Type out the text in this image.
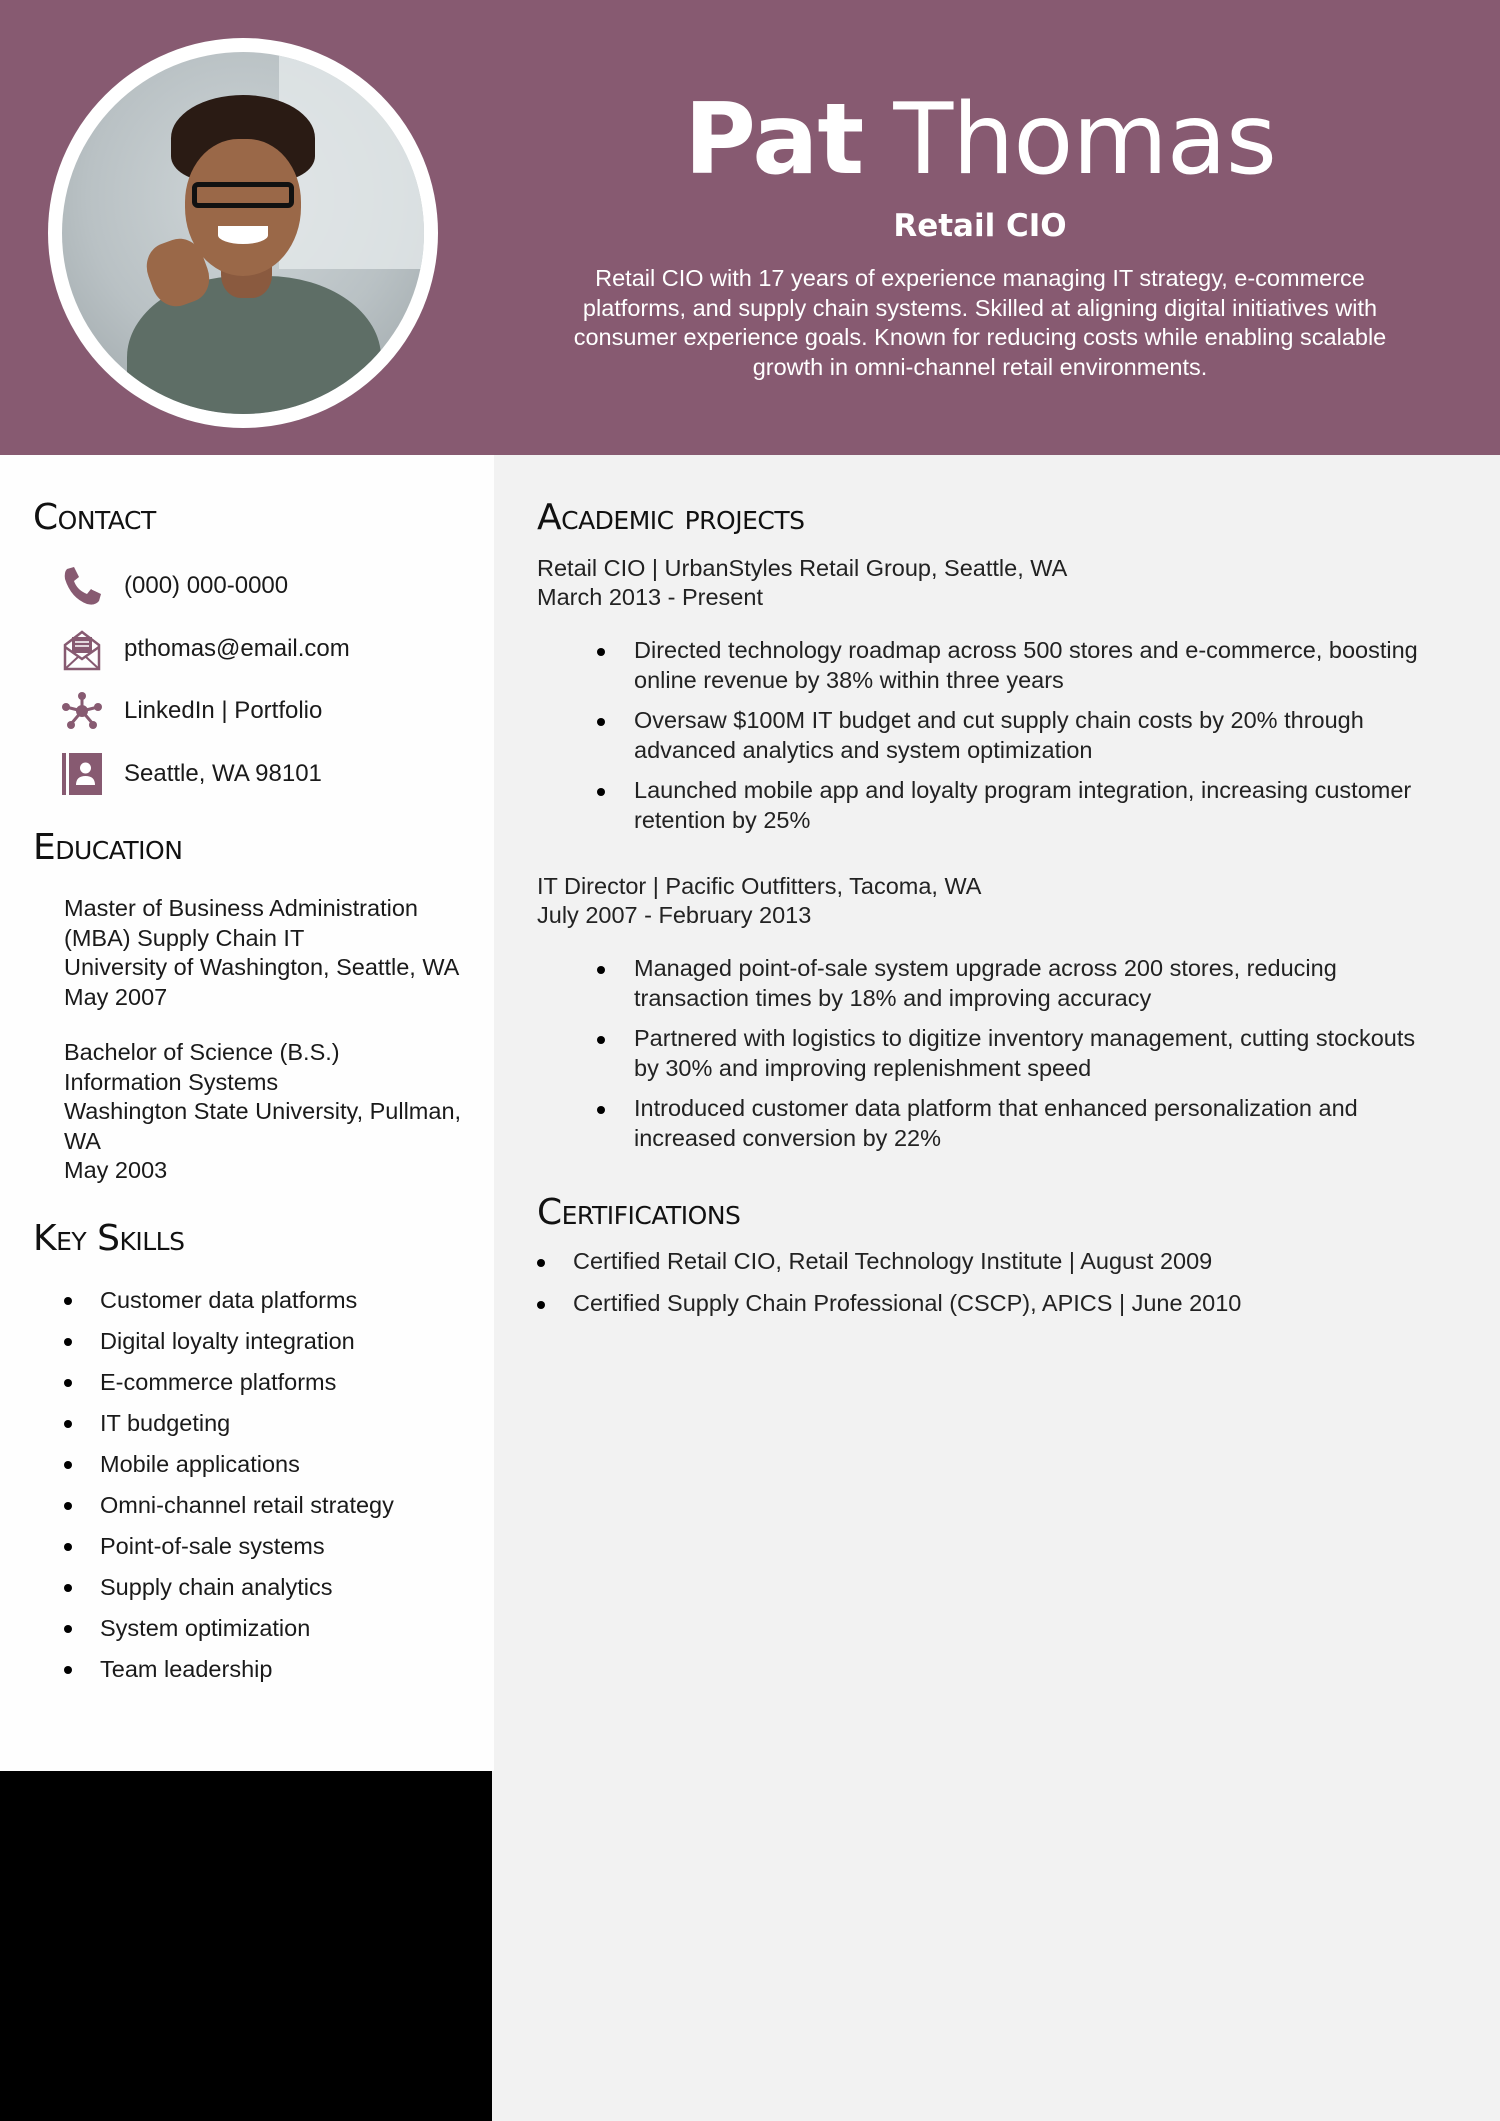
Pat Thomas
Retail CIO
Retail CIO with 17 years of experience managing IT strategy, e-commerce platforms, and supply chain systems. Skilled at aligning digital initiatives with consumer experience goals. Known for reducing costs while enabling scalable growth in omni-channel retail environments.
Contact
(000) 000-0000
pthomas@email.com
LinkedIn | Portfolio
Seattle, WA 98101
Education
Master of Business Administration
(MBA) Supply Chain IT
University of Washington, Seattle, WA
May 2007
Bachelor of Science (B.S.)
Information Systems
Washington State University, Pullman,
WA
May 2003
Key Skills
Customer data platforms
Digital loyalty integration
E-commerce platforms
IT budgeting
Mobile applications
Omni-channel retail strategy
Point-of-sale systems
Supply chain analytics
System optimization
Team leadership
Academic projects
Retail CIO | UrbanStyles Retail Group, Seattle, WA
March 2013 - Present
Directed technology roadmap across 500 stores and e-commerce, boosting online revenue by 38% within three years
Oversaw $100M IT budget and cut supply chain costs by 20% through advanced analytics and system optimization
Launched mobile app and loyalty program integration, increasing customer retention by 25%
IT Director | Pacific Outfitters, Tacoma, WA
July 2007 - February 2013
Managed point-of-sale system upgrade across 200 stores, reducing transaction times by 18% and improving accuracy
Partnered with logistics to digitize inventory management, cutting stockouts by 30% and improving replenishment speed
Introduced customer data platform that enhanced personalization and increased conversion by 22%
Certifications
Certified Retail CIO, Retail Technology Institute | August 2009
Certified Supply Chain Professional (CSCP), APICS | June 2010
